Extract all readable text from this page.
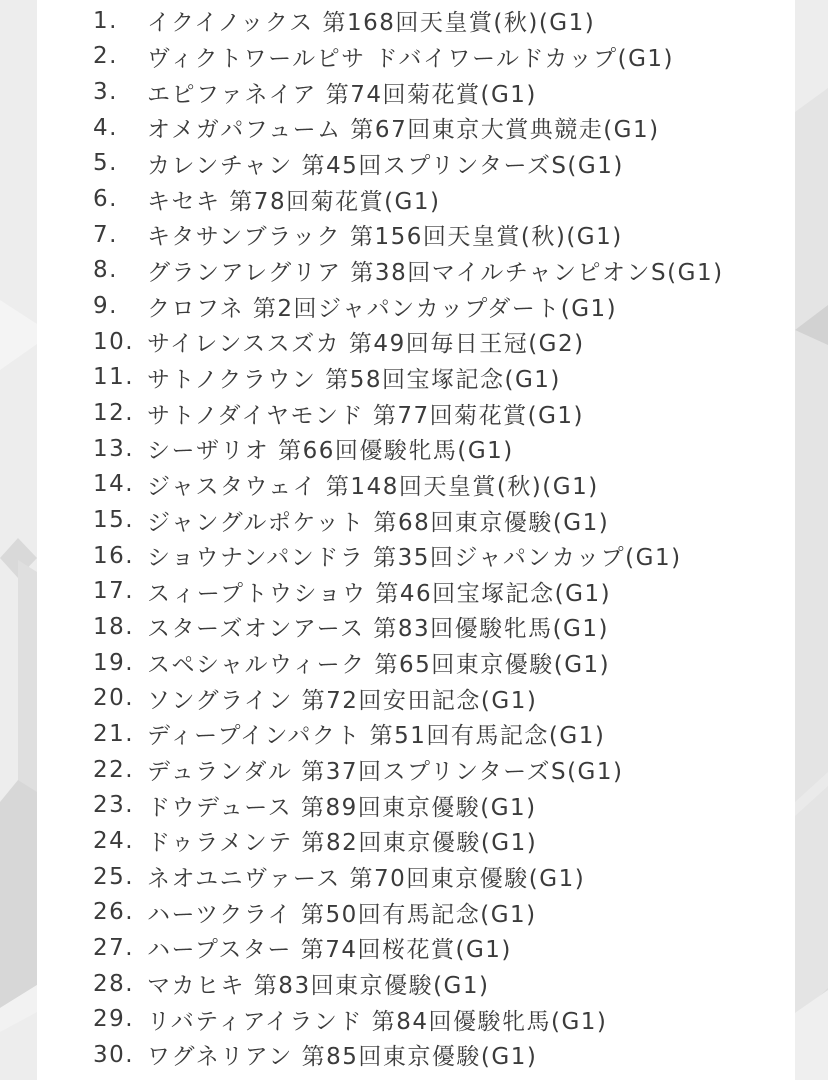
1.	イクイノックス 第168回天皇賞(秋)(G1)
2.	ヴィクトワールピサ ドバイワールドカップ(G1)
3.	エピファネイア 第74回菊花賞(G1)
4.	オメガパフューム 第67回東京大賞典競走(G1)
5.	カレンチャン 第45回スプリンターズS(G1)
6.	キセキ 第78回菊花賞(G1)
7.	キタサンブラック 第156回天皇賞(秋)(G1)
8.	グランアレグリア 第38回マイルチャンピオンS(G1)
9.	クロフネ 第2回ジャパンカップダート(G1)
10. サイレンススズカ 第49回毎日王冠(G2)
11. サトノクラウン 第58回宝塚記念(G1)
12. サトノダイヤモンド 第77回菊花賞(G1)
13. シーザリオ 第66回優駿牝馬(G1)
14. ジャスタウェイ 第148回天皇賞(秋)(G1)
15. ジャングルポケット 第68回東京優駿(G1)
16. ショウナンパンドラ 第35回ジャパンカップ(G1)
17. スィープトウショウ 第46回宝塚記念(G1)
18. スターズオンアース 第83回優駿牝馬(G1)
19. スペシャルウィーク 第65回東京優駿(G1)
20. ソングライン 第72回安田記念(G1)
21. ディープインパクト 第51回有馬記念(G1)
22. デュランダル 第37回スプリンターズS(G1)
23. ドウデュース 第89回東京優駿(G1)
24. ドゥラメンテ 第82回東京優駿(G1)
25. ネオユニヴァース 第70回東京優駿(G1)
26. ハーツクライ 第50回有馬記念(G1)
27. ハープスター 第74回桜花賞(G1)
28. マカヒキ 第83回東京優駿(G1)
29. リバティアイランド 第84回優駿牝馬(G1)
30. ワグネリアン 第85回東京優駿(G1)
